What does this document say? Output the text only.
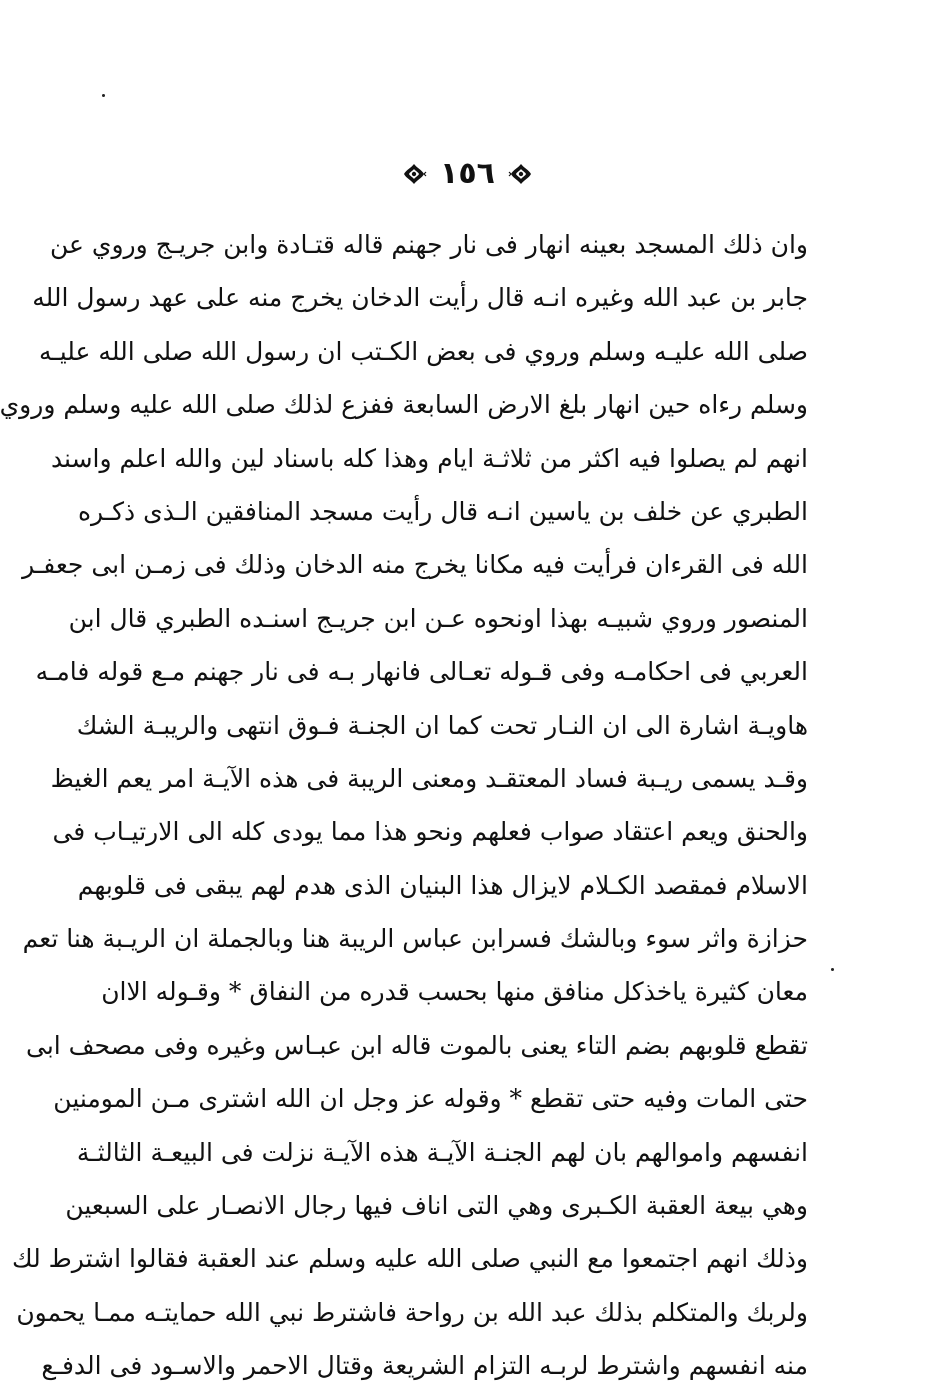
١٥٦
وان ذلك المسجد بعينه انهار فى نار جهنم قاله قتـادة وابن جريـج وروي عن
جابر بن عبد الله وغيره انـه قال رأيت الدخان يخرج منه على عهد رسول الله
صلى الله عليـه وسلم وروي فى بعض الكـتب ان رسول الله صلى الله عليـه
وسلم رءاه حين انهار بلغ الارض السابعة ففزع لذلك صلى الله عليه وسلم وروي
انهم لم يصلوا فيه اكثر من ثلاثـة ايام وهذا كله باسناد لين والله اعلم واسند
الطبري عن خلف بن ياسين انـه قال رأيت مسجد المنافقين الـذى ذكـره
الله فى القرءان فرأيت فيه مكانا يخرج منه الدخان وذلك فى زمـن ابى جعفـر
المنصور وروي شبيـه بهذا اونحوه عـن ابن جريـج اسنـده الطبري قال ابن
العربي فى احكامـه وفى قـوله تعـالى فانهار بـه فى نار جهنم مـع قوله فامـه
هاويـة اشارة الى ان النـار تحت كما ان الجنـة فـوق انتهى والريبـة الشك
وقـد يسمى ريـبة فساد المعتقـد ومعنى الريبة فى هذه الآيـة امر يعم الغيظ
والحنق ويعم اعتقاد صواب فعلهم ونحو هذا مما يودى كله الى الارتيـاب فى
الاسلام فمقصد الكـلام لايزال هذا البنيان الذى هدم لهم يبقى فى قلوبهم
حزازة واثر سوء وبالشك فسرابن عباس الريبة هنا وبالجملة ان الريـبة هنا تعم
معان كثيرة ياخذكل منافق منها بحسب قدره من النفاق * وقـوله الاان
تقطع قلوبهم بضم التاء يعنى بالموت قاله ابن عبـاس وغيره وفى مصحف ابى
حتى المات وفيه حتى تقطع * وقوله عز وجل ان الله اشترى مـن المومنين
انفسهم واموالهم بان لهم الجنـة الآيـة هذه الآيـة نزلت فى البيعـة الثالثـة
وهي بيعة العقبة الكـبرى وهي التى اناف فيها رجال الانصـار على السبعين
وذلك انهم اجتمعوا مع النبي صلى الله عليه وسلم عند العقبة فقالوا اشترط لك
ولربك والمتكلم بذلك عبد الله بن رواحة فاشترط نبي الله حمايتـه ممـا يحمون
منه انفسهم واشترط لربـه التزام الشريعة وقتال الاحمر والاسـود فى الدفـع
